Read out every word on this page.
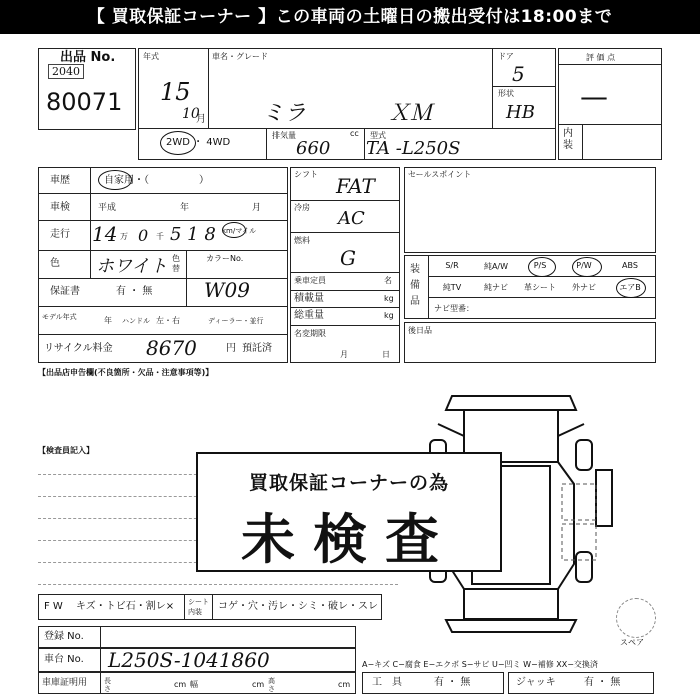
【 買取保証コーナー 】この車両の土曜日の搬出受付は18:00まで
出品 No.
2040
80071
年式
15
10
月
車名・グレード
ミラ	ＸＭ
ドア
5
形状
HB
2WD ・ 4WD
排気量	cc
660
型式
TA -L250S
評 価 点
—
内装
車歴	自家用・（　　　　　）
車検	平成	年	月
走行 14 万 0 千 5 1 8 km/マイル
色 ホワイト 色替
カラーNo.
W09
保証書	有 ・ 無
モデル年式	年 ハンドル 左・右	ディーラー・並行
リサイクル料金 8670	円 預託済
シフト FAT
冷房
AC
燃料
G
乗車定員	名
積載量	kg
総重量	kg
名変期限
月	日
セールスポイント
装備品
S/R	純A/W	P/S	P/W	ABS
純TV	純ナビ	革シート	外ナビ	エアB
ナビ型番：
後日品
【出品店申告欄(不良箇所・欠品・注意事項等)】
【検査員記入】
買取保証コーナーの為
未検査
スペア
F W キズ・トビ石・割レ× シート内装	コゲ・穴・汚レ・シミ・破レ・スレ
登録 No.
車台 No. L250S-1041860
車庫証明用 長さ	cm 幅	cm 高さ	cm
A−キズ C−腐食 E−エクボ S−サビ U−凹ミ W−補修 XX−交換済
工　具	有 ・ 無	ジャッキ	有 ・ 無
